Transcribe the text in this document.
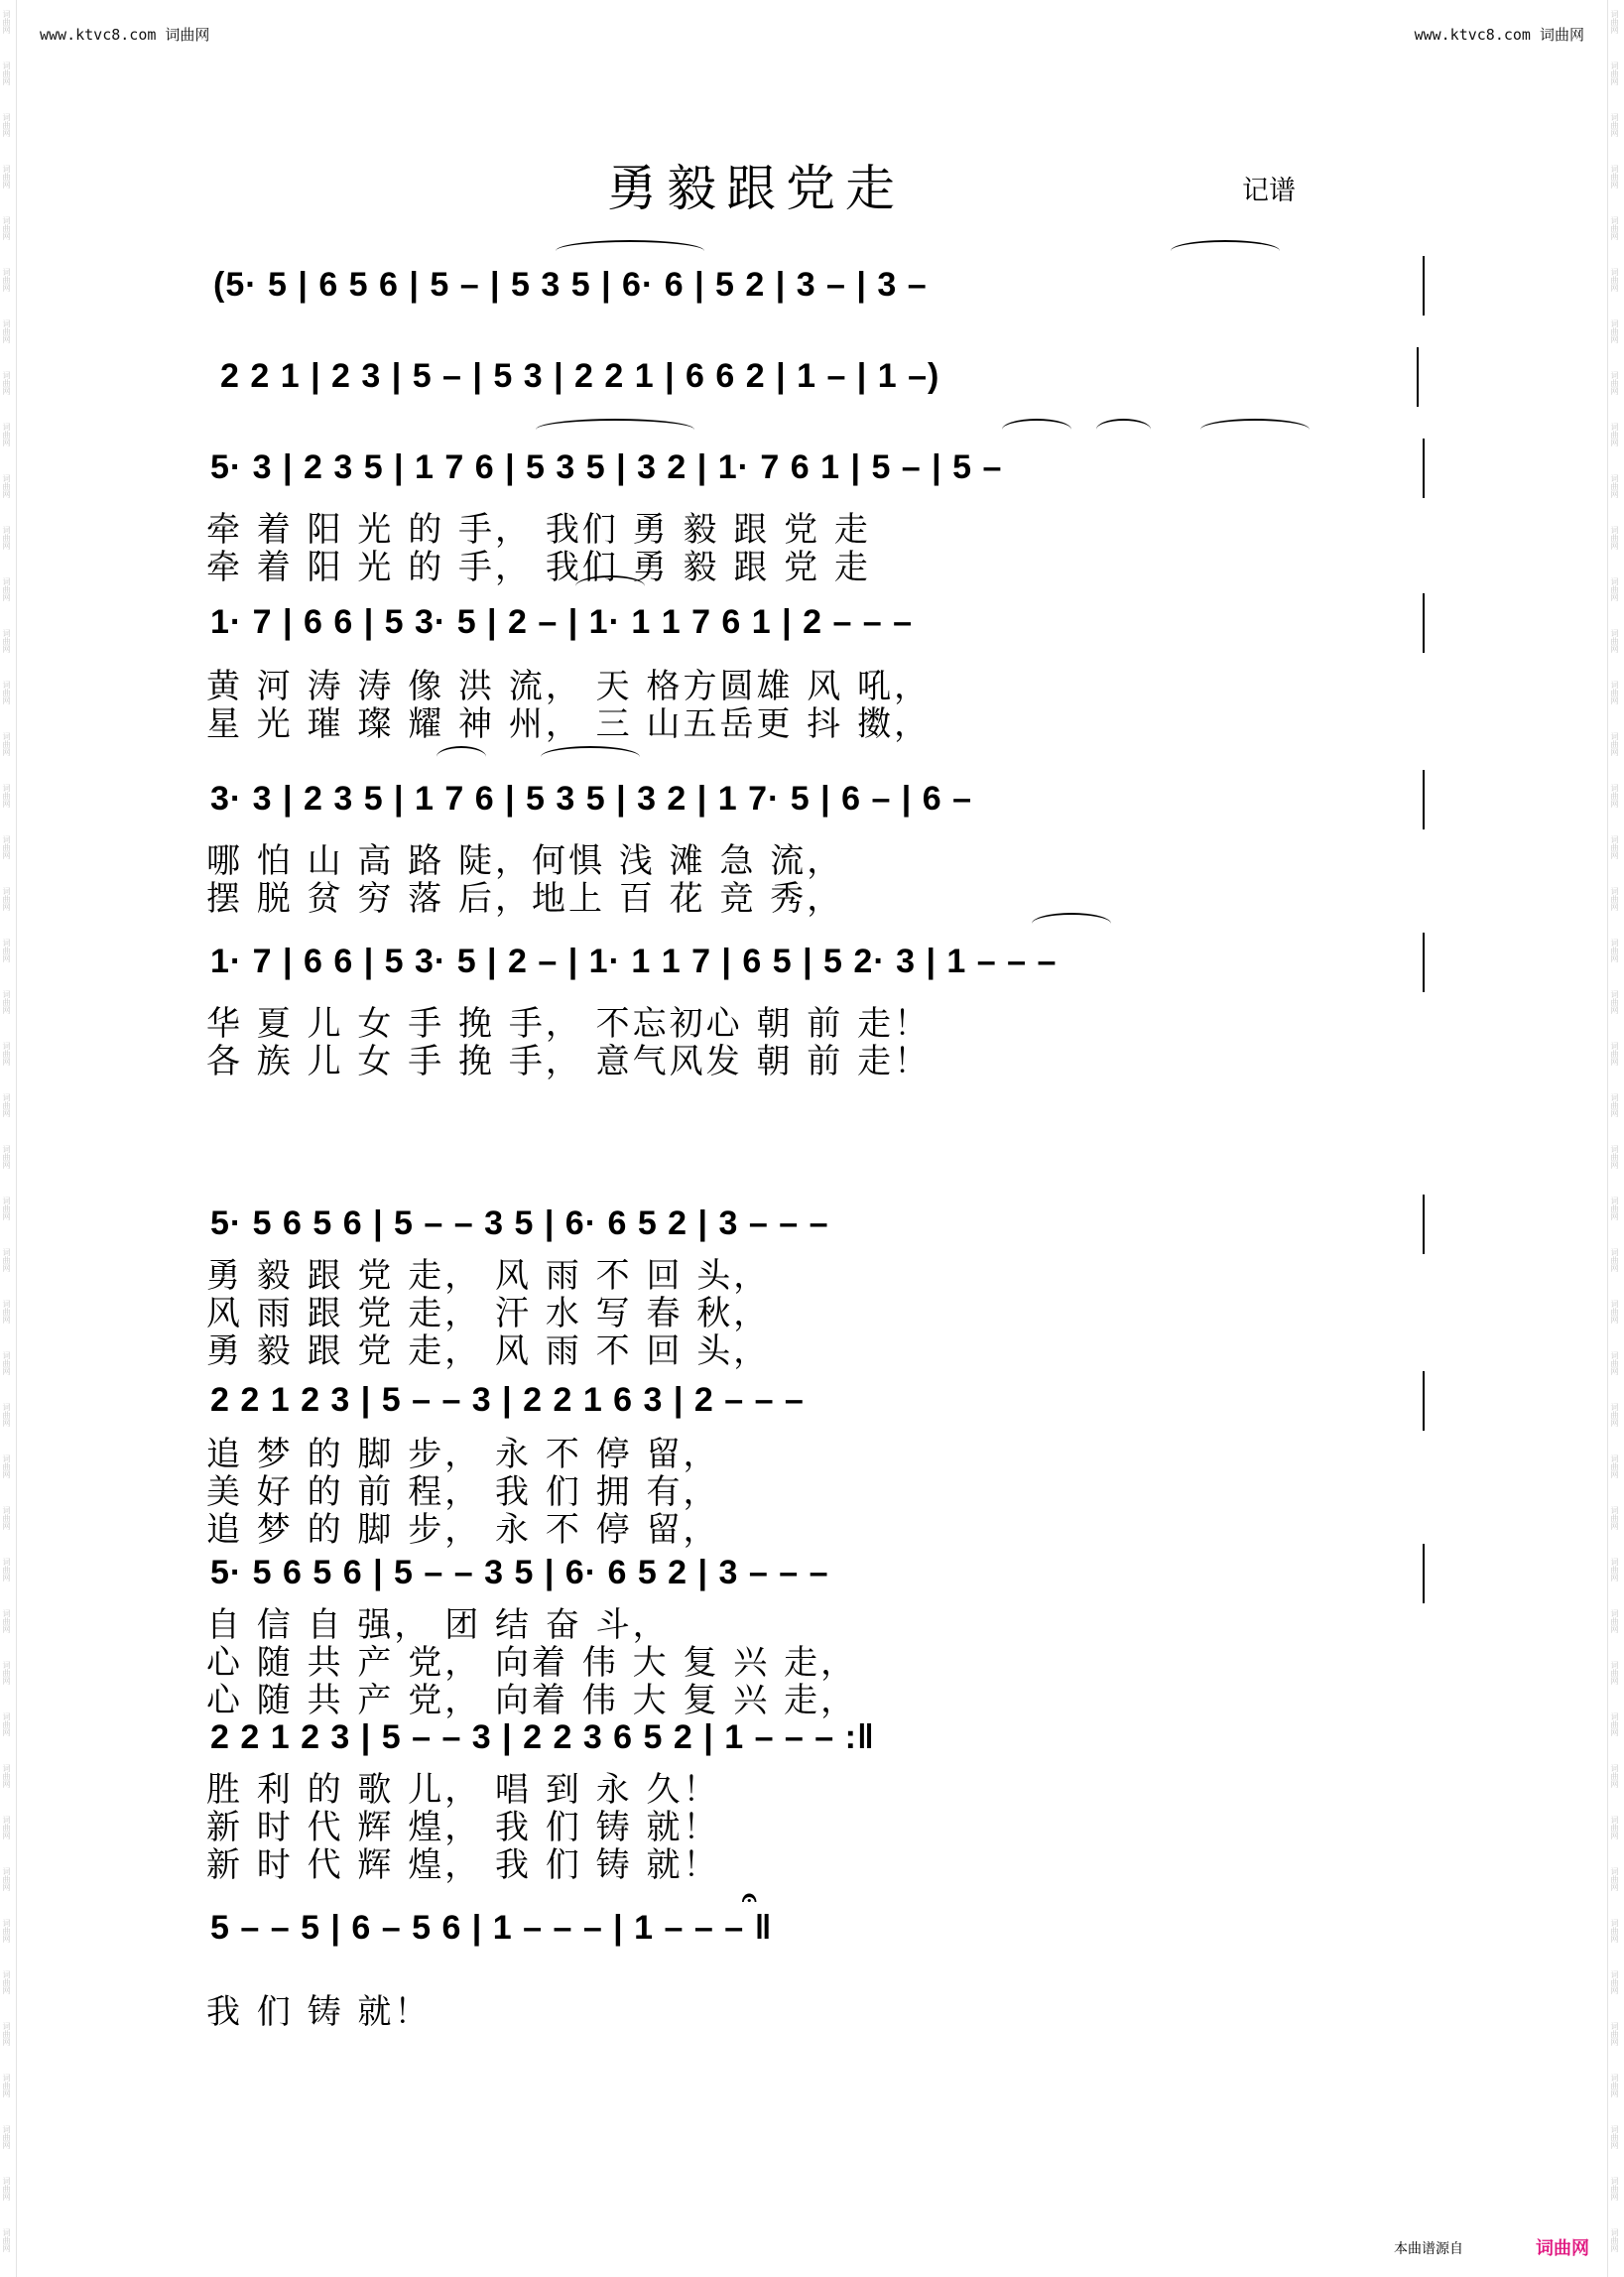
词曲网
词曲网
词曲网
词曲网
词曲网
词曲网
词曲网
词曲网
词曲网
词曲网
词曲网
词曲网
词曲网
词曲网
词曲网
词曲网
词曲网
词曲网
词曲网
词曲网
词曲网
词曲网
词曲网
词曲网
词曲网
词曲网
词曲网
词曲网
词曲网
词曲网
词曲网
词曲网
词曲网
词曲网
词曲网
词曲网
词曲网
词曲网
词曲网
词曲网
词曲网
词曲网
词曲网
词曲网
词曲网
词曲网
词曲网
词曲网
词曲网
词曲网
词曲网
词曲网
词曲网
词曲网
词曲网
词曲网
词曲网
词曲网
词曲网
词曲网
词曲网
词曲网
词曲网
词曲网
词曲网
词曲网
词曲网
词曲网
词曲网
词曲网
词曲网
词曲网
词曲网
词曲网
词曲网
词曲网
词曲网
词曲网
词曲网
词曲网
词曲网
词曲网
词曲网
词曲网
词曲网
词曲网
词曲网
词曲网
www.ktvc8.com 词曲网	www.ktvc8.com 词曲网
勇毅跟党走	记谱
(5· 5 | 6 5 6 | 5 – | 5 3 5 | 6· 6 | 5 2 | 3 – | 3 –
2 2 1 | 2 3 | 5 – | 5 3 | 2 2 1 | 6 6 2 | 1 – | 1 –)
5· 3 | 2 3 5 | 1 7 6 | 5 3 5 | 3 2 | 1· 7 6 1 | 5 – | 5 –
牵 着 阳 光 的 手， 我们 勇 毅 跟 党 走
牵 着 阳 光 的 手， 我们 勇 毅 跟 党 走
1· 7 | 6 6 | 5 3· 5 | 2 – | 1· 1 1 7 6 1 | 2 – – –
黄 河 涛 涛 像 洪 流， 天 格方圆雄 风 吼，
星 光 璀 璨 耀 神 州， 三 山五岳更 抖 擞，
3· 3 | 2 3 5 | 1 7 6 | 5 3 5 | 3 2 | 1 7· 5 | 6 – | 6 –
哪 怕 山 高 路 陡，何惧 浅 滩 急 流，
摆 脱 贫 穷 落 后，地上 百 花 竞 秀，
1· 7 | 6 6 | 5 3· 5 | 2 – | 1· 1 1 7 | 6 5 | 5 2· 3 | 1 – – –
华 夏 儿 女 手 挽 手， 不忘初心 朝 前 走！
各 族 儿 女 手 挽 手， 意气风发 朝 前 走！
5· 5 6 5 6 | 5 – – 3 5 | 6· 6 5 2 | 3 – – –
勇 毅 跟 党 走， 风 雨 不 回 头，
风 雨 跟 党 走， 汗 水 写 春 秋，
勇 毅 跟 党 走， 风 雨 不 回 头，
2 2 1 2 3 | 5 – – 3 | 2 2 1 6 3 | 2 – – –
追 梦 的 脚 步， 永 不 停 留，
美 好 的 前 程， 我 们 拥 有，
追 梦 的 脚 步， 永 不 停 留，
5· 5 6 5 6 | 5 – – 3 5 | 6· 6 5 2 | 3 – – –
自 信 自 强， 团 结 奋 斗，
心 随 共 产 党， 向着 伟 大 复 兴 走，
心 随 共 产 党， 向着 伟 大 复 兴 走，
2 2 1 2 3 | 5 – – 3 | 2 2 3 6 5 2 | 1 – – – :‖
胜 利 的 歌 儿， 唱 到 永 久！
新 时 代 辉 煌， 我 们 铸 就！
新 时 代 辉 煌， 我 们 铸 就！
5 – – 5 | 6 – 5 6 | 1 – – – | 1 – – – ‖
我 们 铸 就！
𝄐
本曲谱源自	词曲网
